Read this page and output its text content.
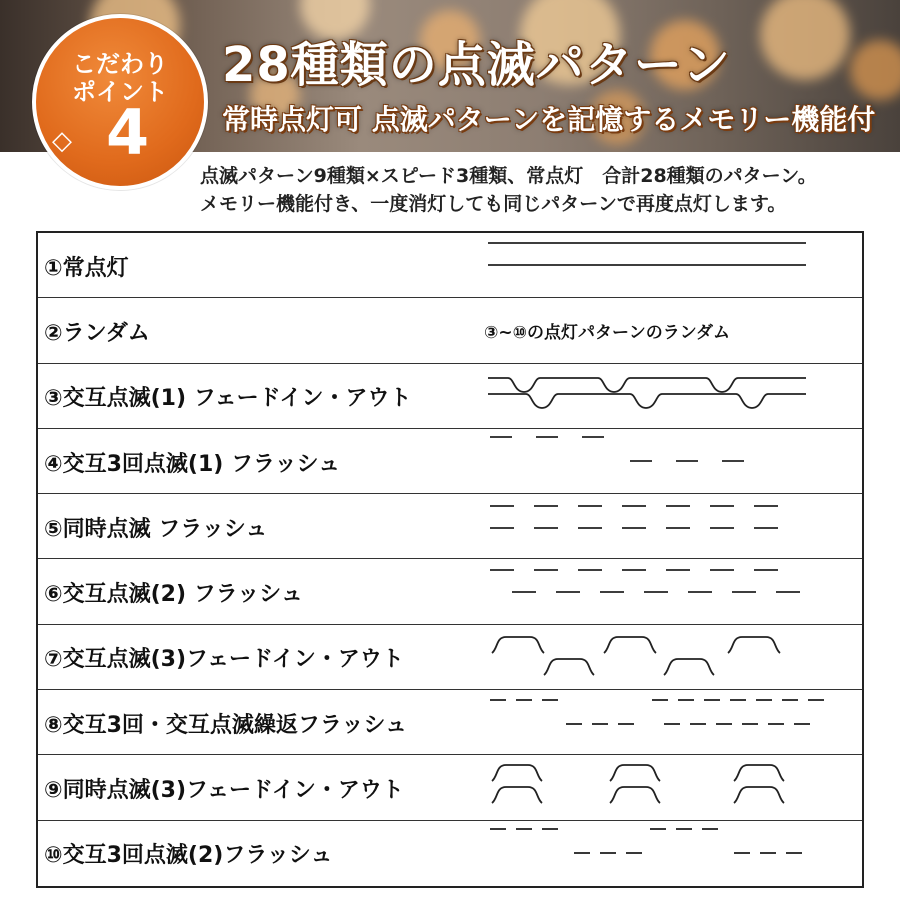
28種類の点滅パターン
常時点灯可 点滅パターンを記憶するメモリー機能付
こだわり
ポイント
◇ 4
点滅パターン9種類×スピード3種類、常点灯　合計28種類のパターン。
メモリー機能付き、一度消灯しても同じパターンで再度点灯します。
①常点灯
②ランダム	③~⑩の点灯パターンのランダム
③交互点滅(1) フェードイン・アウト
④交互3回点滅(1) フラッシュ
⑤同時点滅 フラッシュ
⑥交互点滅(2) フラッシュ
⑦交互点滅(3)フェードイン・アウト
⑧交互3回・交互点滅繰返フラッシュ
⑨同時点滅(3)フェードイン・アウト
⑩交互3回点滅(2)フラッシュ
